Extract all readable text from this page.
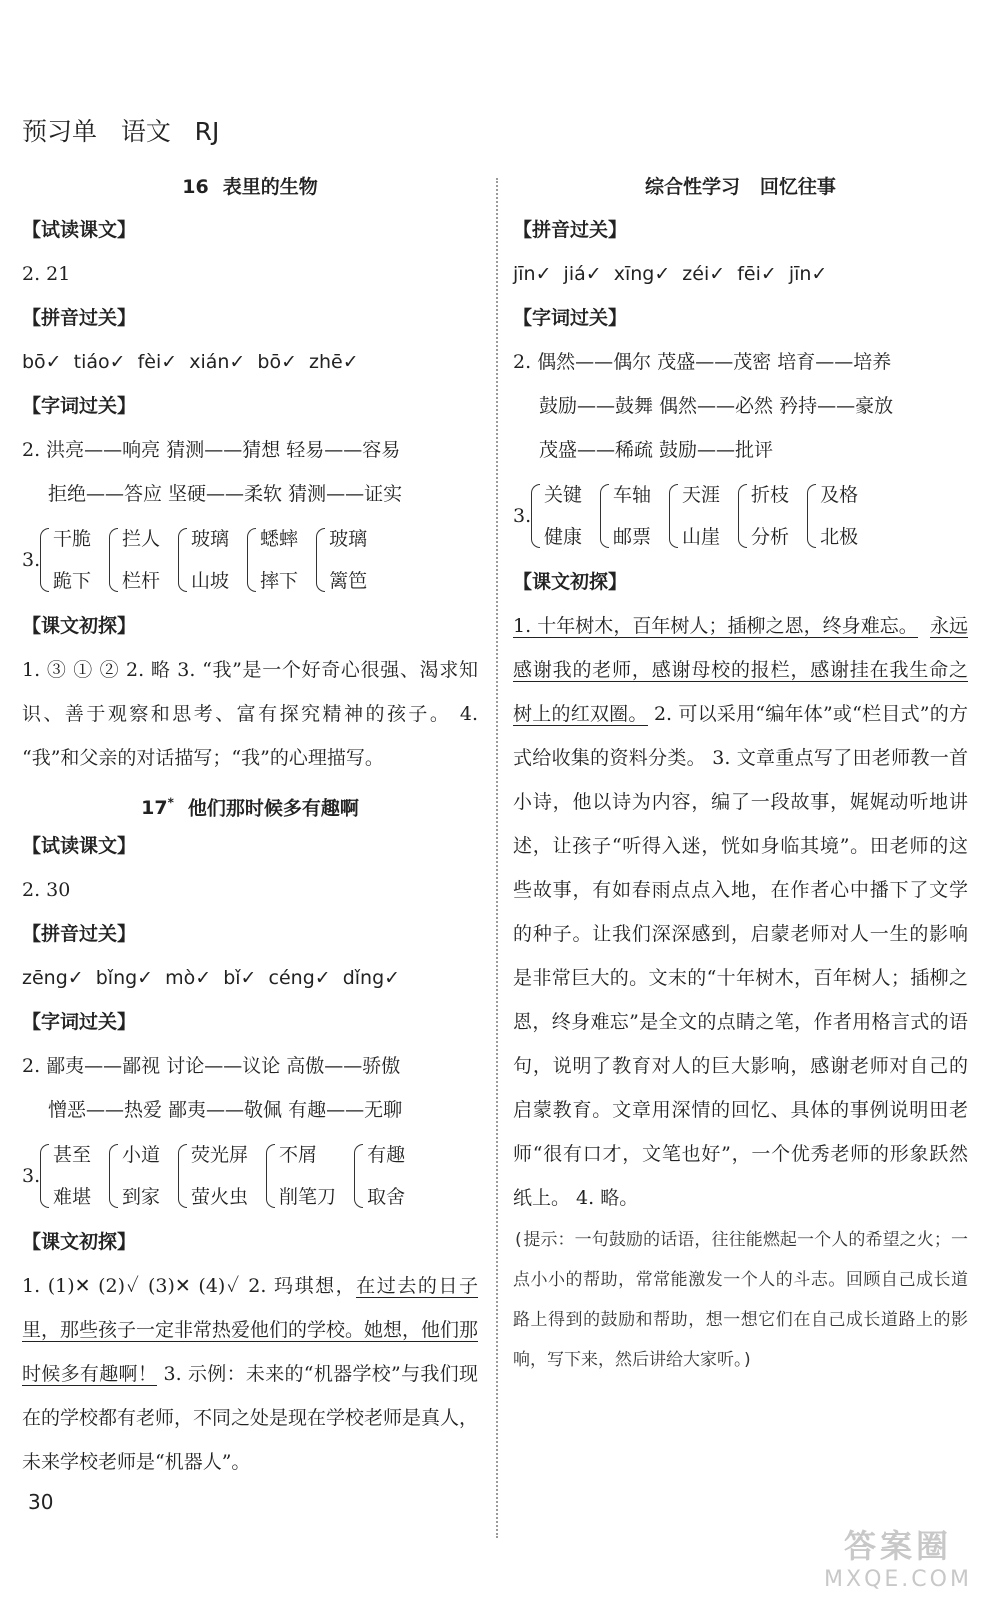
预习单   语文   RJ
16 表里的生物
【试读课文】
2. 21
【拼音过关】
bō✓ tiáo✓ fèi✓ xián✓ bō✓ zhē✓
【字词过关】
2. 洪亮——响亮 猜测——猜想 轻易——容易
拒绝——答应 坚硬——柔软 猜测——证实
3.
干脆
跪下
拦人
栏杆
玻璃
山坡
蟋蟀
摔下
玻璃
篱笆
【课文初探】
1. ③ ① ② 2. 略 3. “我”是一个好奇心很强、渴求知识、善于观察和思考、富有探究精神的孩子。 4. “我”和父亲的对话描写；“我”的心理描写。
17* 他们那时候多有趣啊
【试读课文】
2. 30
【拼音过关】
zēng✓ bǐng✓ mò✓ bǐ✓ céng✓ dǐng✓
【字词过关】
2. 鄙夷——鄙视 讨论——议论 高傲——骄傲
憎恶——热爱 鄙夷——敬佩 有趣——无聊
3.
甚至
难堪
小道
到家
荧光屏
萤火虫
不屑
削笔刀
有趣
取舍
【课文初探】
1. (1)✕ (2)✓ (3)✕ (4)✓ 2. 玛琪想，在过去的日子里，那些孩子一定非常热爱他们的学校。她想，他们那时候多有趣啊！ 3. 示例：未来的“机器学校”与我们现在的学校都有老师，不同之处是现在学校老师是真人，未来学校老师是“机器人”。
综合性学习 回忆往事
【拼音过关】
jīn✓ jiá✓ xīng✓ zéi✓ fēi✓ jīn✓
【字词过关】
2. 偶然——偶尔 茂盛——茂密 培育——培养
鼓励——鼓舞 偶然——必然 矜持——豪放
茂盛——稀疏 鼓励——批评
3.
关键
健康
车轴
邮票
天涯
山崖
折枝
分析
及格
北极
【课文初探】
1. 十年树木，百年树人；插柳之恩，终身难忘。 永远感谢我的老师，感谢母校的报栏，感谢挂在我生命之树上的红双圈。 2. 可以采用“编年体”或“栏目式”的方式给收集的资料分类。 3. 文章重点写了田老师教一首小诗，他以诗为内容，编了一段故事，娓娓动听地讲述，让孩子“听得入迷，恍如身临其境”。田老师的这些故事，有如春雨点点入地，在作者心中播下了文学的种子。让我们深深感到，启蒙老师对人一生的影响是非常巨大的。文末的“十年树木，百年树人；插柳之恩，终身难忘”是全文的点睛之笔，作者用格言式的语句，说明了教育对人的巨大影响，感谢老师对自己的启蒙教育。文章用深情的回忆、具体的事例说明田老师“很有口才，文笔也好”，一个优秀老师的形象跃然纸上。 4. 略。
(提示：一句鼓励的话语，往往能燃起一个人的希望之火；一点小小的帮助，常常能激发一个人的斗志。回顾自己成长道路上得到的鼓励和帮助，想一想它们在自己成长道路上的影响，写下来，然后讲给大家听。)
30
答案圈
MXQE.COM
